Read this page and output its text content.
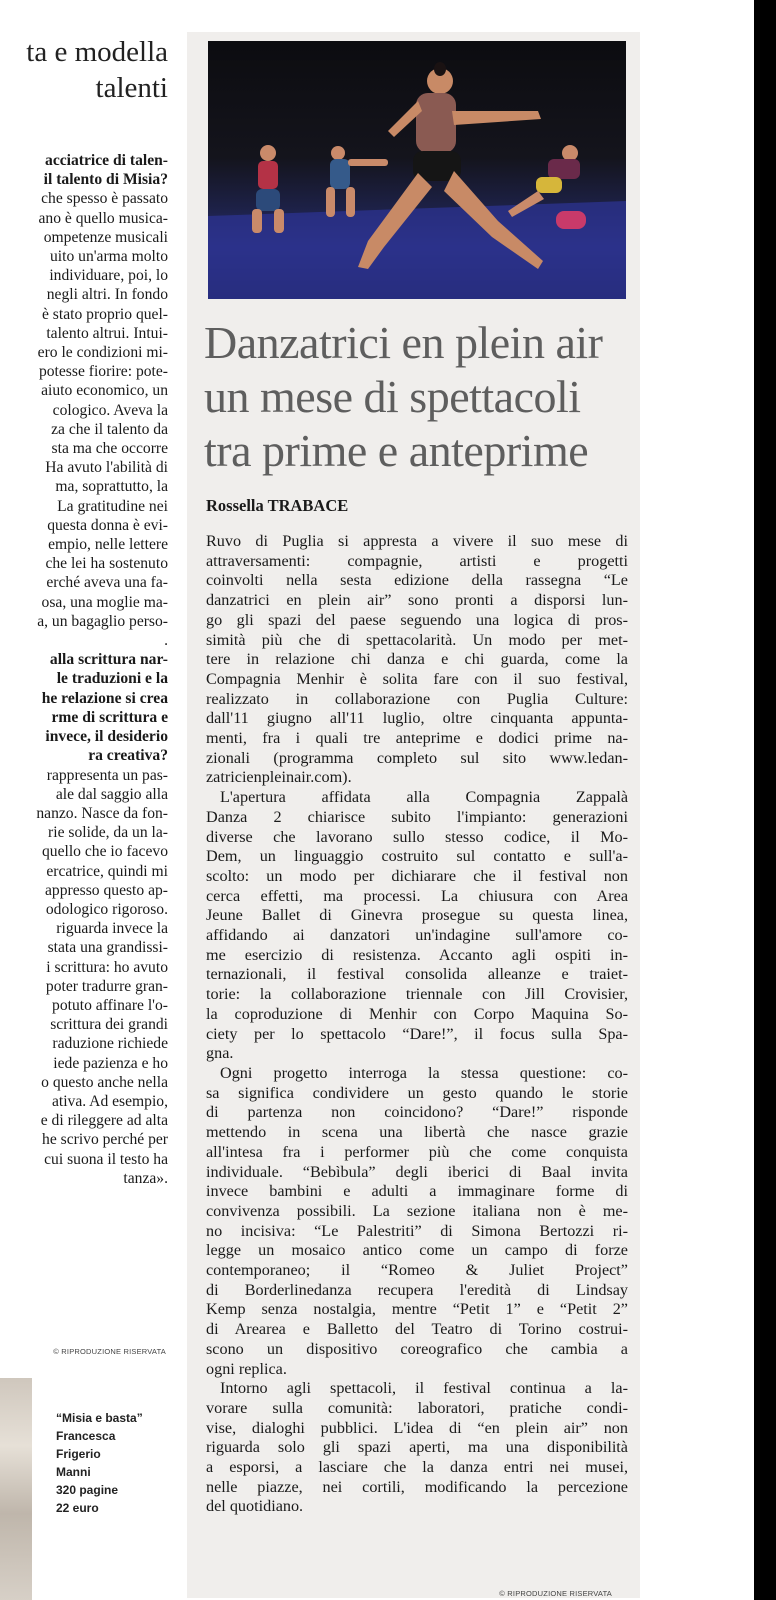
ta e modella
talenti
acciatrice di talen-
il talento di Misia?
che spesso è passato
ano è quello musica-
ompetenze musicali
uito un'arma molto
individuare, poi, lo
negli altri. In fondo
è stato proprio quel-
talento altrui. Intui-
ero le condizioni mi-
potesse fiorire: pote-
aiuto economico, un
cologico. Aveva la
za che il talento da
sta ma che occorre
Ha avuto l'abilità di
ma, soprattutto, la
La gratitudine nei
questa donna è evi-
empio, nelle lettere
che lei ha sostenuto
erché aveva una fa-
osa, una moglie ma-
a, un bagaglio perso-
.
alla scrittura nar-
le traduzioni e la
he relazione si crea
rme di scrittura e
invece, il desiderio
ra creativa?
rappresenta un pas-
ale dal saggio alla
nanzo. Nasce da fon-
rie solide, da un la-
quello che io facevo
ercatrice, quindi mi
appresso questo ap-
odologico rigoroso.
riguarda invece la
stata una grandissi-
i scrittura: ho avuto
poter tradurre gran-
potuto affinare l'o-
scrittura dei grandi
raduzione richiede
iede pazienza e ho
o questo anche nella
ativa. Ad esempio,
e di rileggere ad alta
he scrivo perché per
cui suona il testo ha
tanza».
© RIPRODUZIONE RISERVATA
“Misia e basta”
Francesca
Frigerio
Manni
320 pagine
22 euro
Danzatrici en plein air
un mese di spettacoli
tra prime e anteprime
Rossella TRABACE
Ruvo di Puglia si appresta a vivere il suo mese di
attraversamenti: compagnie, artisti e progetti
coinvolti nella sesta edizione della rassegna “Le
danzatrici en plein air” sono pronti a disporsi lun-
go gli spazi del paese seguendo una logica di pros-
simità più che di spettacolarità. Un modo per met-
tere in relazione chi danza e chi guarda, come la
Compagnia Menhir è solita fare con il suo festival,
realizzato in collaborazione con Puglia Culture:
dall'11 giugno all'11 luglio, oltre cinquanta appunta-
menti, fra i quali tre anteprime e dodici prime na-
zionali (programma completo sul sito www.ledan-
zatricienpleinair.com).
L'apertura affidata alla Compagnia Zappalà
Danza 2 chiarisce subito l'impianto: generazioni
diverse che lavorano sullo stesso codice, il Mo-
Dem, un linguaggio costruito sul contatto e sull'a-
scolto: un modo per dichiarare che il festival non
cerca effetti, ma processi. La chiusura con Area
Jeune Ballet di Ginevra prosegue su questa linea,
affidando ai danzatori un'indagine sull'amore co-
me esercizio di resistenza. Accanto agli ospiti in-
ternazionali, il festival consolida alleanze e traiet-
torie: la collaborazione triennale con Jill Crovisier,
la coproduzione di Menhir con Corpo Maquina So-
ciety per lo spettacolo “Dare!”, il focus sulla Spa-
gna.
Ogni progetto interroga la stessa questione: co-
sa significa condividere un gesto quando le storie
di partenza non coincidono? “Dare!” risponde
mettendo in scena una libertà che nasce grazie
all'intesa fra i performer più che come conquista
individuale. “Bebìbula” degli iberici di Baal invita
invece bambini e adulti a immaginare forme di
convivenza possibili. La sezione italiana non è me-
no incisiva: “Le Palestriti” di Simona Bertozzi ri-
legge un mosaico antico come un campo di forze
contemporaneo; il “Romeo & Juliet Project”
di Borderlinedanza recupera l'eredità di Lindsay
Kemp senza nostalgia, mentre “Petit 1” e “Petit 2”
di Arearea e Balletto del Teatro di Torino costrui-
scono un dispositivo coreografico che cambia a
ogni replica.
Intorno agli spettacoli, il festival continua a la-
vorare sulla comunità: laboratori, pratiche condi-
vise, dialoghi pubblici. L'idea di “en plein air” non
riguarda solo gli spazi aperti, ma una disponibilità
a esporsi, a lasciare che la danza entri nei musei,
nelle piazze, nei cortili, modificando la percezione
del quotidiano.
© RIPRODUZIONE RISERVATA
